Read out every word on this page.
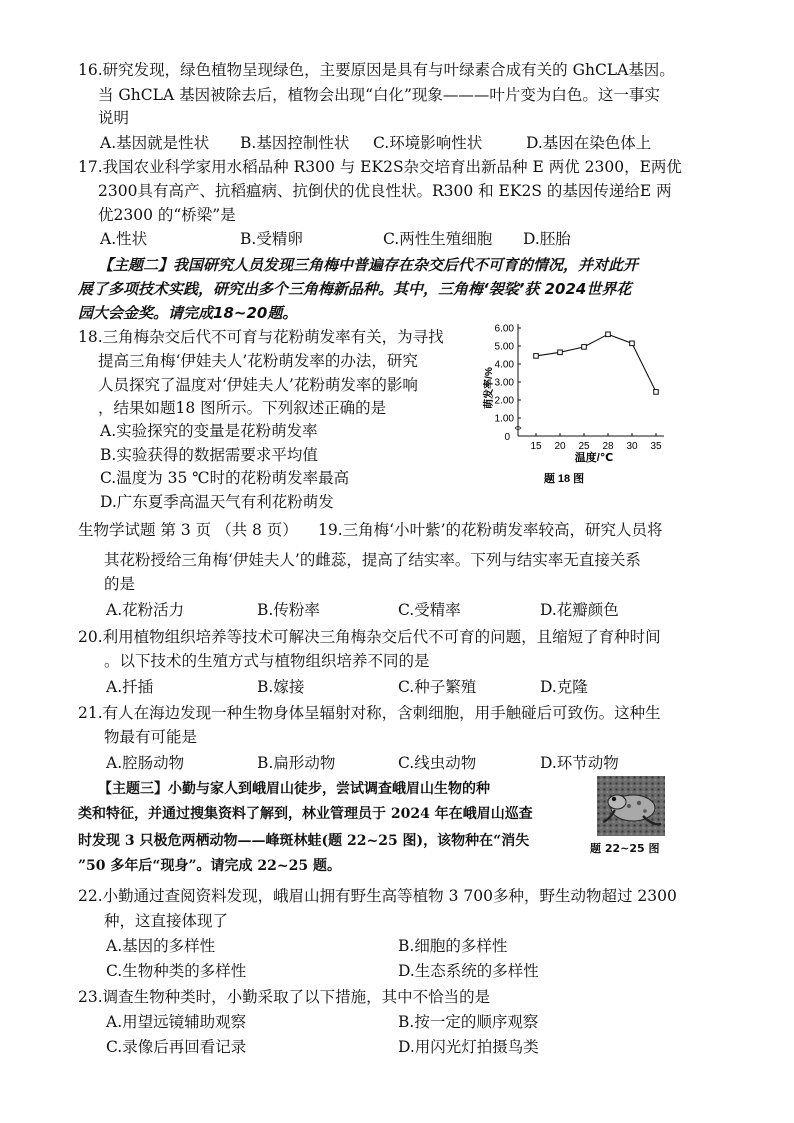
16.研究发现，绿色植物呈现绿色，主要原因是具有与叶绿素合成有关的 GhCLA基因。
当 GhCLA 基因被除去后，植物会出现“白化”现象———叶片变为白色。这一事实
说明
A.基因就是性状 B.基因控制性状 C.环境影响性状	D.基因在染色体上
17.我国农业科学家用水稻品种 R300 与 EK2S杂交培育出新品种 E 两优 2300，E两优
2300具有高产、抗稻瘟病、抗倒伏的优良性状。R300 和 EK2S 的基因传递给E 两
优2300 的“桥梁”是
A.性状	B.受精卵	C.两性生殖细胞 D.胚胎
【主题二】我国研究人员发现三角梅中普遍存在杂交后代不可育的情况，并对此开
展了多项技术实践，研究出多个三角梅新品种。其中，三角梅‘袈裟’获 2024世界花
园大会金奖。请完成18~20题。
18.三角梅杂交后代不可育与花粉萌发率有关，为寻找
提高三角梅‘伊娃夫人’花粉萌发率的办法，研究
人员探究了温度对‘伊娃夫人’花粉萌发率的影响
，结果如题18 图所示。下列叙述正确的是
A.实验探究的变量是花粉萌发率
B.实验获得的数据需要求平均值
C.温度为 35 ℃时的花粉萌发率最高
D.广东夏季高温天气有利花粉萌发
6.00
5.00
4.00
3.00
2.00
1.00
0
15 20 25 28 30 35
萌发率/%
温度/℃
题 18 图
生物学试题 第 3 页 （共 8 页） 19.三角梅‘小叶紫’的花粉萌发率较高，研究人员将
其花粉授给三角梅‘伊娃夫人’的雌蕊，提高了结实率。下列与结实率无直接关系
的是
A.花粉活力	B.传粉率	C.受精率	D.花瓣颜色
20.利用植物组织培养等技术可解决三角梅杂交后代不可育的问题，且缩短了育种时间
。以下技术的生殖方式与植物组织培养不同的是
A.扦插	B.嫁接	C.种子繁殖	D.克隆
21.有人在海边发现一种生物身体呈辐射对称，含刺细胞，用手触碰后可致伤。这种生
物最有可能是
A.腔肠动物	B.扁形动物	C.线虫动物	D.环节动物
【主题三】小勤与家人到峨眉山徒步，尝试调查峨眉山生物的种
类和特征，并通过搜集资料了解到，林业管理员于 2024 年在峨眉山巡查
时发现 3 只极危两栖动物——峰斑林蛙(题 22~25 图)，该物种在“消失
”50 多年后“现身”。请完成 22~25 题。
题 22~25 图
22.小勤通过查阅资料发现，峨眉山拥有野生高等植物 3 700多种，野生动物超过 2300
种，这直接体现了
A.基因的多样性	B.细胞的多样性
C.生物种类的多样性	D.生态系统的多样性
23.调查生物种类时，小勤采取了以下措施，其中不恰当的是
A.用望远镜辅助观察	B.按一定的顺序观察
C.录像后再回看记录	D.用闪光灯拍摄鸟类
